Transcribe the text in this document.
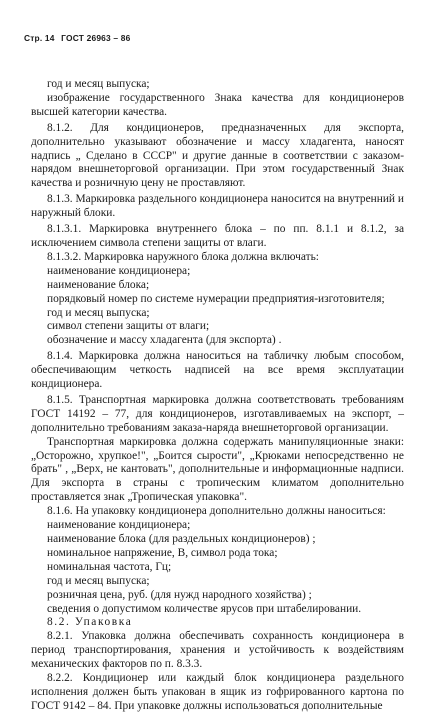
Стр. 14 ГОСТ 26963 – 86

год и месяц выпуска;

изображение государственного Знака качества для кондиционеров высшей категории качества.

8.1.2. Для кондиционеров, предназначенных для экспорта, дополнительно указывают обозначение и массу хладагента, наносят надпись „ Сделано в СССР" и другие данные в соответствии с заказом-нарядом внешнеторговой организации. При этом государственный Знак качества и розничную цену не проставляют.

8.1.3. Маркировка раздельного кондиционера наносится на внутренний и наружный блоки.

8.1.3.1. Маркировка внутреннего блока – по пп. 8.1.1 и 8.1.2, за исключением символа степени защиты от влаги.

8.1.3.2. Маркировка наружного блока должна включать:

наименование кондиционера;

наименование блока;

порядковый номер по системе нумерации предприятия-изготовителя;

год и месяц выпуска;

символ степени защиты от влаги;

обозначение и массу хладагента (для экспорта) .

8.1.4. Маркировка должна наноситься на табличку любым способом, обеспечивающим четкость надписей на все время эксплуатации кондиционера.

8.1.5. Транспортная маркировка должна соответствовать требованиям ГОСТ 14192 – 77, для кондиционеров, изготавливаемых на экспорт, – дополнительно требованиям заказа-наряда внешнеторговой организации.

Транспортная маркировка должна содержать манипуляционные знаки: „Осторожно, хрупкое!", „Боится сырости", „Крюками непосредственно не брать" , „Верх, не кантовать", дополнительные и информационные надписи. Для экспорта в страны с тропическим климатом дополнительно проставляется знак „Тропическая упаковка".

8.1.6. На упаковку кондиционера дополнительно должны наноситься:

наименование кондиционера;

наименование блока (для раздельных кондиционеров) ;

номинальное напряжение, В, символ рода тока;

номинальная частота, Гц;

год и месяц выпуска;

розничная цена, руб. (для нужд народного хозяйства) ;

сведения о допустимом количестве ярусов при штабелировании.

8.2. Упаковка

8.2.1. Упаковка должна обеспечивать сохранность кондиционера в период транспортирования, хранения и устойчивость к воздействиям механических факторов по п. 8.3.3.

8.2.2. Кондиционер или каждый блок кондиционера раздельного исполнения должен быть упакован в ящик из гофрированного картона по ГОСТ 9142 – 84. При упаковке должны использоваться дополнительные
